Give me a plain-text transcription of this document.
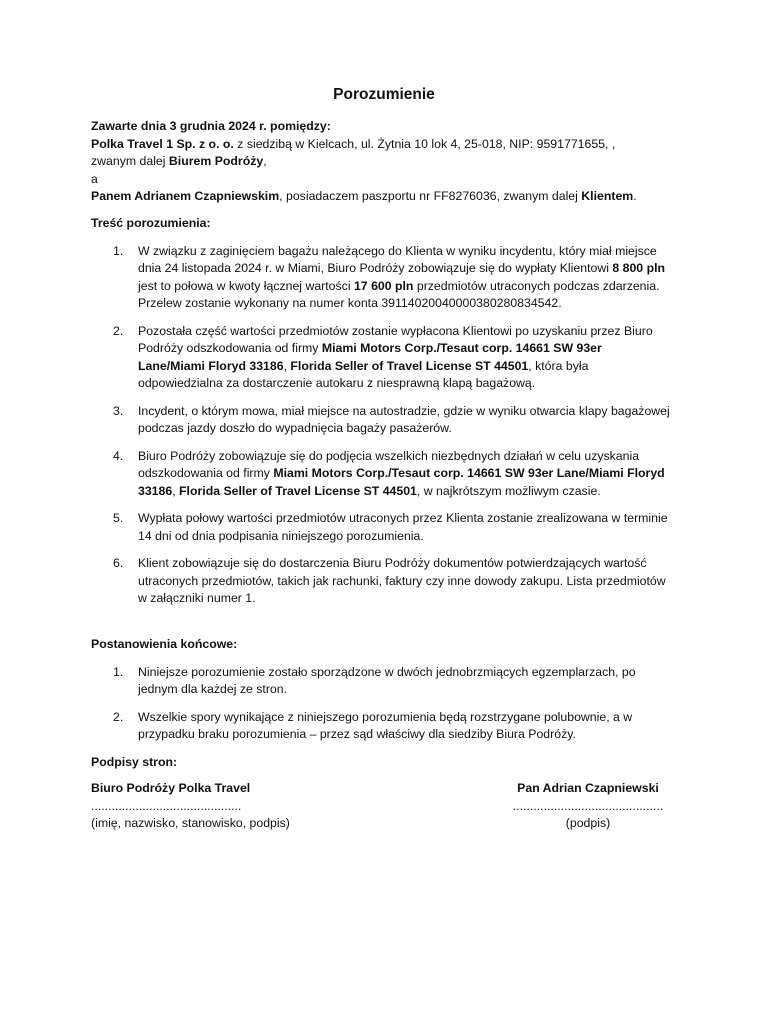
Porozumienie

Zawarte dnia 3 grudnia 2024 r. pomiędzy:

Polka Travel 1 Sp. z o. o. z siedzibą w Kielcach, ul. Żytnia 10 lok 4, 25-018, NIP: 9591771655, ,

zwanym dalej Biurem Podróży,

a

Panem Adrianem Czapniewskim, posiadaczem paszportu nr FF8276036, zwanym dalej Klientem.

Treść porozumienia:

1. W związku z zaginięciem bagażu należącego do Klienta w wyniku incydentu, który miał miejsce dnia 24 listopada 2024 r. w Miami, Biuro Podróży zobowiązuje się do wypłaty Klientowi 8 800 pln jest to połowa w kwoty łącznej wartości 17 600 pln przedmiotów utraconych podczas zdarzenia. Przelew zostanie wykonany na numer konta 39114020040000380280834542.
2. Pozostała część wartości przedmiotów zostanie wypłacona Klientowi po uzyskaniu przez Biuro Podróży odszkodowania od firmy Miami Motors Corp./Tesaut corp. 14661 SW 93er Lane/Miami Floryd 33186, Florida Seller of Travel License ST 44501, która była odpowiedzialna za dostarczenie autokaru z niesprawną klapą bagażową.
3. Incydent, o którym mowa, miał miejsce na autostradzie, gdzie w wyniku otwarcia klapy bagażowej podczas jazdy doszło do wypadnięcia bagaży pasażerów.
4. Biuro Podróży zobowiązuje się do podjęcia wszelkich niezbędnych działań w celu uzyskania odszkodowania od firmy Miami Motors Corp./Tesaut corp. 14661 SW 93er Lane/Miami Floryd 33186, Florida Seller of Travel License ST 44501, w najkrótszym możliwym czasie.
5. Wypłata połowy wartości przedmiotów utraconych przez Klienta zostanie zrealizowana w terminie 14 dni od dnia podpisania niniejszego porozumienia.
6. Klient zobowiązuje się do dostarczenia Biuru Podróży dokumentów potwierdzających wartość utraconych przedmiotów, takich jak rachunki, faktury czy inne dowody zakupu. Lista przedmiotów w załączniki numer 1.

Postanowienia końcowe:

1. Niniejsze porozumienie zostało sporządzone w dwóch jednobrzmiących egzemplarzach, po jednym dla każdej ze stron.
2. Wszelkie spory wynikające z niniejszego porozumienia będą rozstrzygane polubownie, a w przypadku braku porozumienia – przez sąd właściwy dla siedziby Biura Podróży.

Podpisy stron:

Biuro Podróży Polka Travel

............................................

(imię, nazwisko, stanowisko, podpis)

Pan Adrian Czapniewski

............................................

(podpis)
